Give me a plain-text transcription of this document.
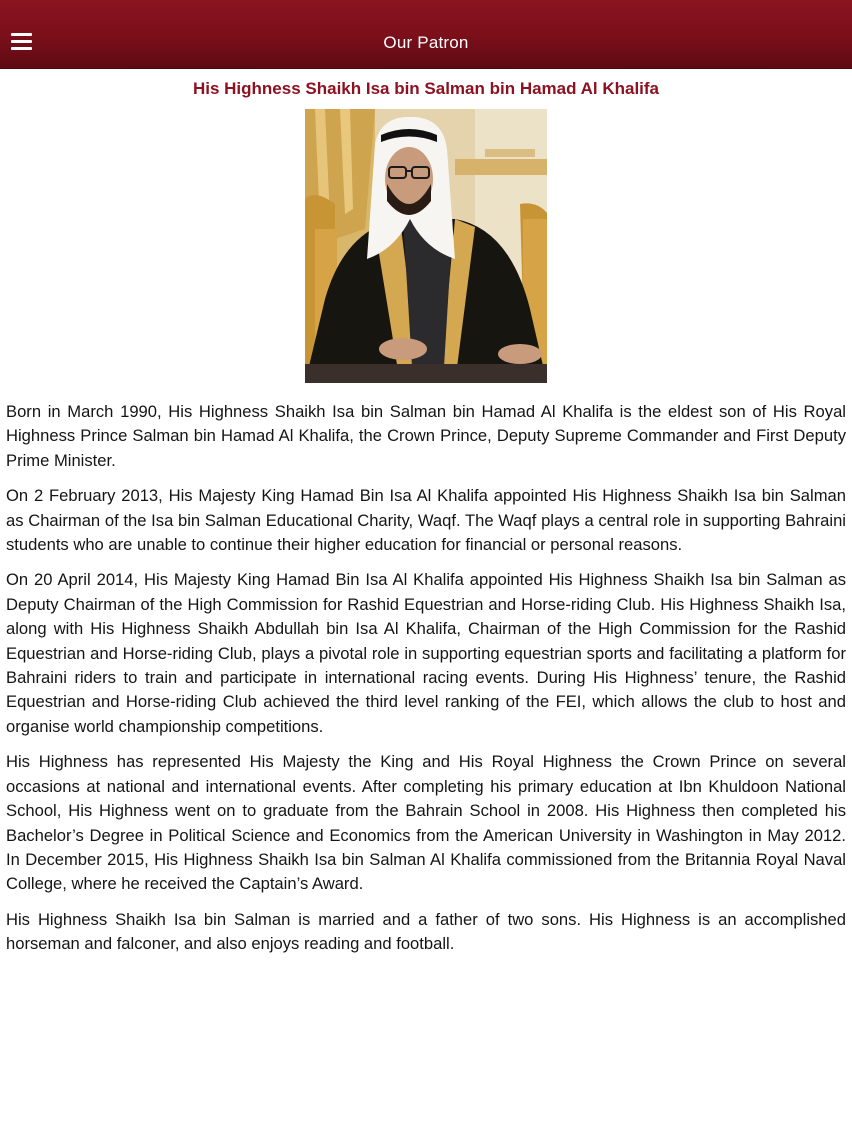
Our Patron
His Highness Shaikh Isa bin Salman bin Hamad Al Khalifa

Born in March 1990, His Highness Shaikh Isa bin Salman bin Hamad Al Khalifa is the eldest son of His Royal Highness Prince Salman bin Hamad Al Khalifa, the Crown Prince, Deputy Supreme Commander and First Deputy Prime Minister.

On 2 February 2013, His Majesty King Hamad Bin Isa Al Khalifa appointed His Highness Shaikh Isa bin Salman as Chairman of the Isa bin Salman Educational Charity, Waqf. The Waqf plays a central role in supporting Bahraini students who are unable to continue their higher education for financial or personal reasons.

On 20 April 2014, His Majesty King Hamad Bin Isa Al Khalifa appointed His Highness Shaikh Isa bin Salman as Deputy Chairman of the High Commission for Rashid Equestrian and Horse-riding Club. His Highness Shaikh Isa, along with His Highness Shaikh Abdullah bin Isa Al Khalifa, Chairman of the High Commission for the Rashid Equestrian and Horse-riding Club, plays a pivotal role in supporting equestrian sports and facilitating a platform for Bahraini riders to train and participate in international racing events. During His Highness’ tenure, the Rashid Equestrian and Horse-riding Club achieved the third level ranking of the FEI, which allows the club to host and organise world championship competitions.

His Highness has represented His Majesty the King and His Royal Highness the Crown Prince on several occasions at national and international events. After completing his primary education at Ibn Khuldoon National School, His Highness went on to graduate from the Bahrain School in 2008. His Highness then completed his Bachelor’s Degree in Political Science and Economics from the American University in Washington in May 2012. In December 2015, His Highness Shaikh Isa bin Salman Al Khalifa commissioned from the Britannia Royal Naval College, where he received the Captain’s Award.

His Highness Shaikh Isa bin Salman is married and a father of two sons. His Highness is an accomplished horseman and falconer, and also enjoys reading and football.
